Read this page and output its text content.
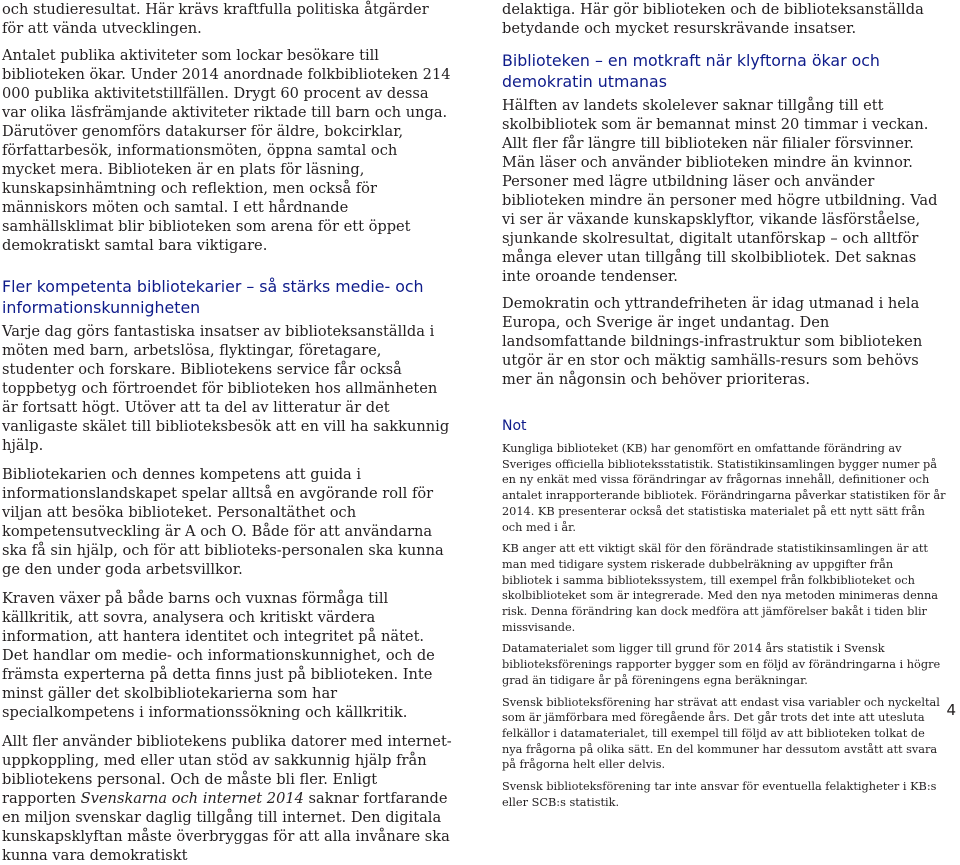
och studieresultat. Här krävs kraftfulla politiska åtgärder för att vända utvecklingen.

Antalet publika aktiviteter som lockar besökare till biblioteken ökar. Under 2014 anordnade folkbiblioteken 214 000 publika aktivitetstillfällen. Drygt 60 procent av dessa var olika läsfrämjande aktiviteter riktade till barn och unga. Därutöver genomförs datakurser för äldre, bokcirklar, författarbesök, informationsmöten, öppna samtal och mycket mera. Biblioteken är en plats för läsning, kunskapsinhämtning och reflektion, men också för människors möten och samtal. I ett hårdnande samhällsklimat blir biblioteken som arena för ett öppet demokratiskt samtal bara viktigare.

Fler kompetenta bibliotekarier – så stärks medie- och informationskunnigheten

Varje dag görs fantastiska insatser av biblioteksanställda i möten med barn, arbetslösa, flyktingar, företagare, studenter och forskare. Bibliotekens service får också toppbetyg och förtroendet för biblioteken hos allmänheten är fortsatt högt. Utöver att ta del av litteratur är det vanligaste skälet till biblioteksbesök att en vill ha sakkunnig hjälp.

Bibliotekarien och dennes kompetens att guida i informationslandskapet spelar alltså en avgörande roll för viljan att besöka biblioteket. Personaltäthet och kompetensutveckling är A och O. Både för att användarna ska få sin hjälp, och för att biblioteks-personalen ska kunna ge den under goda arbetsvillkor.

Kraven växer på både barns och vuxnas förmåga till källkritik, att sovra, analysera och kritiskt värdera information, att hantera identitet och integritet på nätet. Det handlar om medie- och informationskunnighet, och de främsta experterna på detta finns just på biblioteken. Inte minst gäller det skolbibliotekarierna som har specialkompetens i informationssökning och källkritik.

Allt fler använder bibliotekens publika datorer med internet-uppkoppling, med eller utan stöd av sakkunnig hjälp från bibliotekens personal. Och de måste bli fler. Enligt rapporten Svenskarna och internet 2014 saknar fortfarande en miljon svenskar daglig tillgång till internet. Den digitala kunskapsklyftan måste överbryggas för att alla invånare ska kunna vara demokratiskt

delaktiga. Här gör biblioteken och de biblioteksanställda betydande och mycket resurskrävande insatser.

Biblioteken – en motkraft när klyftorna ökar och demokratin utmanas

Hälften av landets skolelever saknar tillgång till ett skolbibliotek som är bemannat minst 20 timmar i veckan. Allt fler får längre till biblioteken när filialer försvinner. Män läser och använder biblioteken mindre än kvinnor. Personer med lägre utbildning läser och använder biblioteken mindre än personer med högre utbildning. Vad vi ser är växande kunskapsklyftor, vikande läsförståelse, sjunkande skolresultat, digitalt utanförskap – och alltför många elever utan tillgång till skolbibliotek. Det saknas inte oroande tendenser.

Demokratin och yttrandefriheten är idag utmanad i hela Europa, och Sverige är inget undantag. Den landsomfattande bildnings-infrastruktur som biblioteken utgör är en stor och mäktig samhälls-resurs som behövs mer än någonsin och behöver prioriteras.

Not

Kungliga biblioteket (KB) har genomfört en omfattande förändring av Sveriges officiella biblioteksstatistik. Statistikinsamlingen bygger numer på en ny enkät med vissa förändringar av frågornas innehåll, definitioner och antalet inrapporterande bibliotek. Förändringarna påverkar statistiken för år 2014. KB presenterar också det statistiska materialet på ett nytt sätt från och med i år.

KB anger att ett viktigt skäl för den förändrade statistikinsamlingen är att man med tidigare system riskerade dubbelräkning av uppgifter från bibliotek i samma bibliotekssystem, till exempel från folkbiblioteket och skolbiblioteket som är integrerade. Med den nya metoden minimeras denna risk. Denna förändring kan dock medföra att jämförelser bakåt i tiden blir missvisande.

Datamaterialet som ligger till grund för 2014 års statistik i Svensk biblioteksförenings rapporter bygger som en följd av förändringarna i högre grad än tidigare år på föreningens egna beräkningar.

Svensk biblioteksförening har strävat att endast visa variabler och nyckeltal som är jämförbara med föregående års. Det går trots det inte att utesluta felkällor i datamaterialet, till exempel till följd av att biblioteken tolkat de nya frågorna på olika sätt. En del kommuner har dessutom avstått att svara på frågorna helt eller delvis.

Svensk biblioteksförening tar inte ansvar för eventuella felaktigheter i KB:s eller SCB:s statistik.

4
